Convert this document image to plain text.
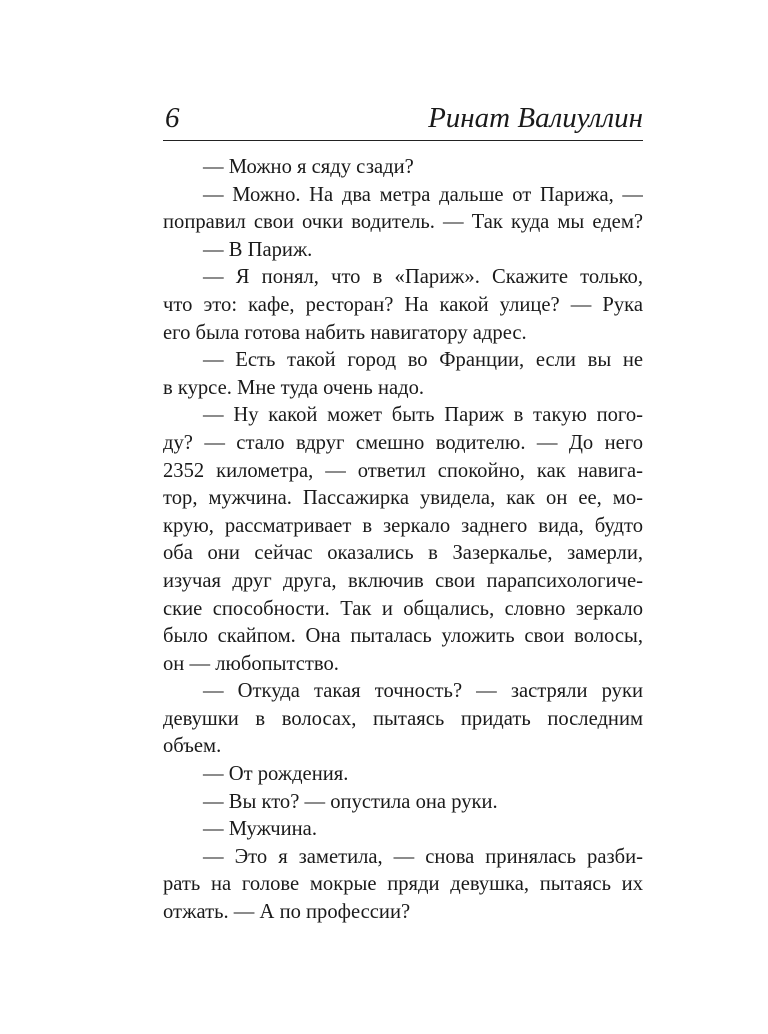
6	Ринат Валиуллин
— Можно я сяду сзади?
— Можно. На два метра дальше от Парижа, —
поправил свои очки водитель. — Так куда мы едем?
— В Париж.
— Я понял, что в «Париж». Скажите только,
что это: кафе, ресторан? На какой улице? — Рука
его была готова набить навигатору адрес.
— Есть такой город во Франции, если вы не
в курсе. Мне туда очень надо.
— Ну какой может быть Париж в такую пого-
ду? — стало вдруг смешно водителю. — До него
2352 километра, — ответил спокойно, как навига-
тор, мужчина. Пассажирка увидела, как он ее, мо-
крую, рассматривает в зеркало заднего вида, будто
оба они сейчас оказались в Зазеркалье, замерли,
изучая друг друга, включив свои парапсихологиче-
ские способности. Так и общались, словно зеркало
было скайпом. Она пыталась уложить свои волосы,
он — любопытство.
— Откуда такая точность? — застряли руки
девушки в волосах, пытаясь придать последним
объем.
— От рождения.
— Вы кто? — опустила она руки.
— Мужчина.
— Это я заметила, — снова принялась разби-
рать на голове мокрые пряди девушка, пытаясь их
отжать. — А по профессии?
